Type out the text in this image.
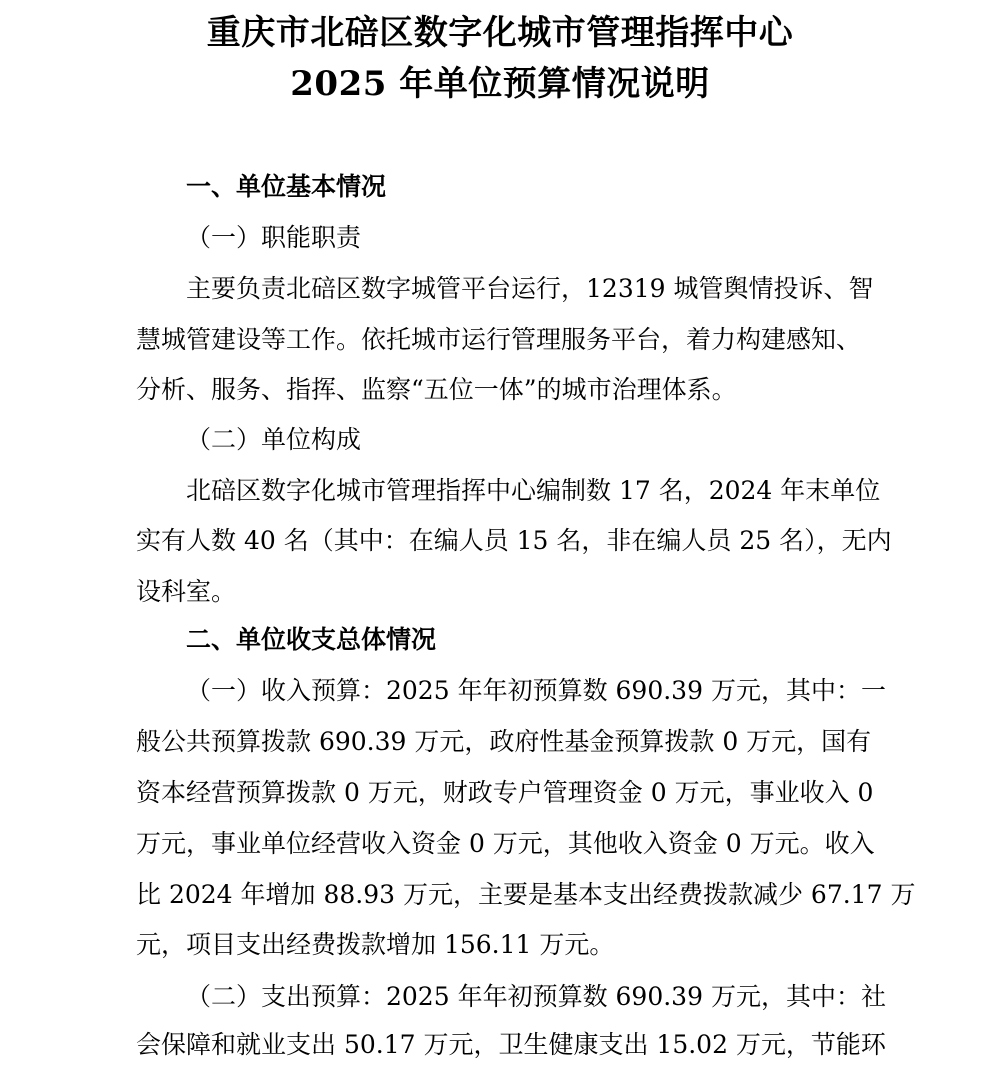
重庆市北碚区数字化城市管理指挥中心
2025 年单位预算情况说明
一、单位基本情况
（一）职能职责
主要负责北碚区数字城管平台运行，12319 城管舆情投诉、智
慧城管建设等工作。依托城市运行管理服务平台，着力构建感知、
分析、服务、指挥、监察“五位一体”的城市治理体系。
（二）单位构成
北碚区数字化城市管理指挥中心编制数 17 名，2024 年末单位
实有人数 40 名（其中：在编人员 15 名，非在编人员 25 名），无内
设科室。
二、单位收支总体情况
（一）收入预算：2025 年年初预算数 690.39 万元，其中：一
般公共预算拨款 690.39 万元，政府性基金预算拨款 0 万元，国有
资本经营预算拨款 0 万元，财政专户管理资金 0 万元，事业收入 0
万元，事业单位经营收入资金 0 万元，其他收入资金 0 万元。收入
比 2024 年增加 88.93 万元，主要是基本支出经费拨款减少 67.17 万
元，项目支出经费拨款增加 156.11 万元。
（二）支出预算：2025 年年初预算数 690.39 万元，其中：社
会保障和就业支出 50.17 万元，卫生健康支出 15.02 万元，节能环
